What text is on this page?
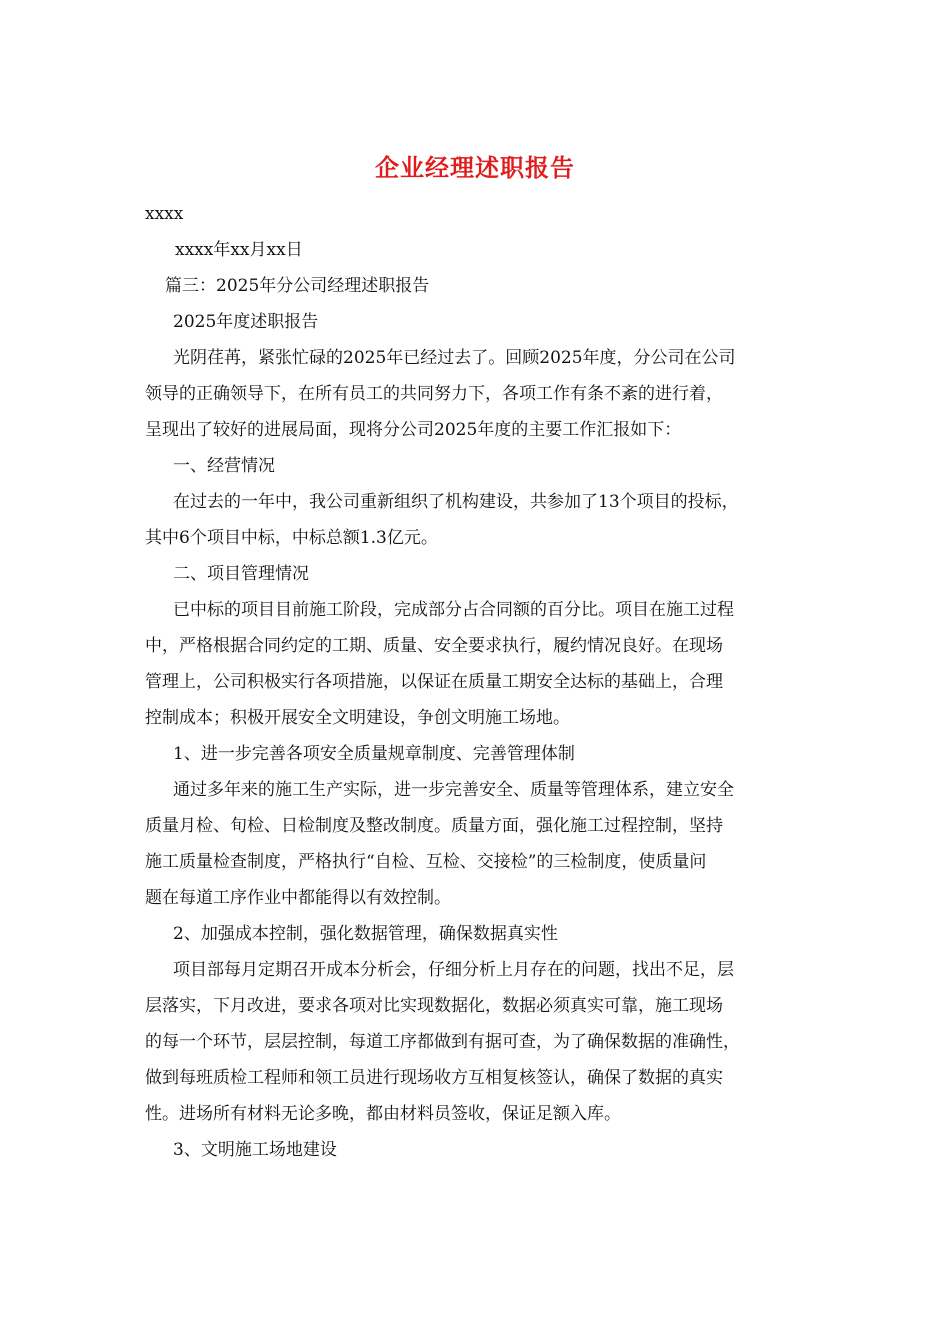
企业经理述职报告

xxxx

xxxx年xx月xx日

篇三：2025年分公司经理述职报告

2025年度述职报告

光阴荏苒，紧张忙碌的2025年已经过去了。回顾2025年度，分公司在公司

领导的正确领导下，在所有员工的共同努力下，各项工作有条不紊的进行着，

呈现出了较好的进展局面，现将分公司2025年度的主要工作汇报如下：

一、经营情况

在过去的一年中，我公司重新组织了机构建设，共参加了13个项目的投标，

其中6个项目中标，中标总额1.3亿元。

二、项目管理情况

已中标的项目目前施工阶段，完成部分占合同额的百分比。项目在施工过程

中，严格根据合同约定的工期、质量、安全要求执行，履约情况良好。在现场

管理上，公司积极实行各项措施，以保证在质量工期安全达标的基础上，合理

控制成本；积极开展安全文明建设，争创文明施工场地。

1、进一步完善各项安全质量规章制度、完善管理体制

通过多年来的施工生产实际，进一步完善安全、质量等管理体系，建立安全

质量月检、旬检、日检制度及整改制度。质量方面，强化施工过程控制，坚持

施工质量检查制度，严格执行“自检、互检、交接检”的三检制度，使质量问

题在每道工序作业中都能得以有效控制。

2、加强成本控制，强化数据管理，确保数据真实性

项目部每月定期召开成本分析会，仔细分析上月存在的问题，找出不足，层

层落实，下月改进，要求各项对比实现数据化，数据必须真实可靠，施工现场

的每一个环节，层层控制，每道工序都做到有据可查，为了确保数据的准确性，

做到每班质检工程师和领工员进行现场收方互相复核签认，确保了数据的真实

性。进场所有材料无论多晚，都由材料员签收，保证足额入库。

3、文明施工场地建设
